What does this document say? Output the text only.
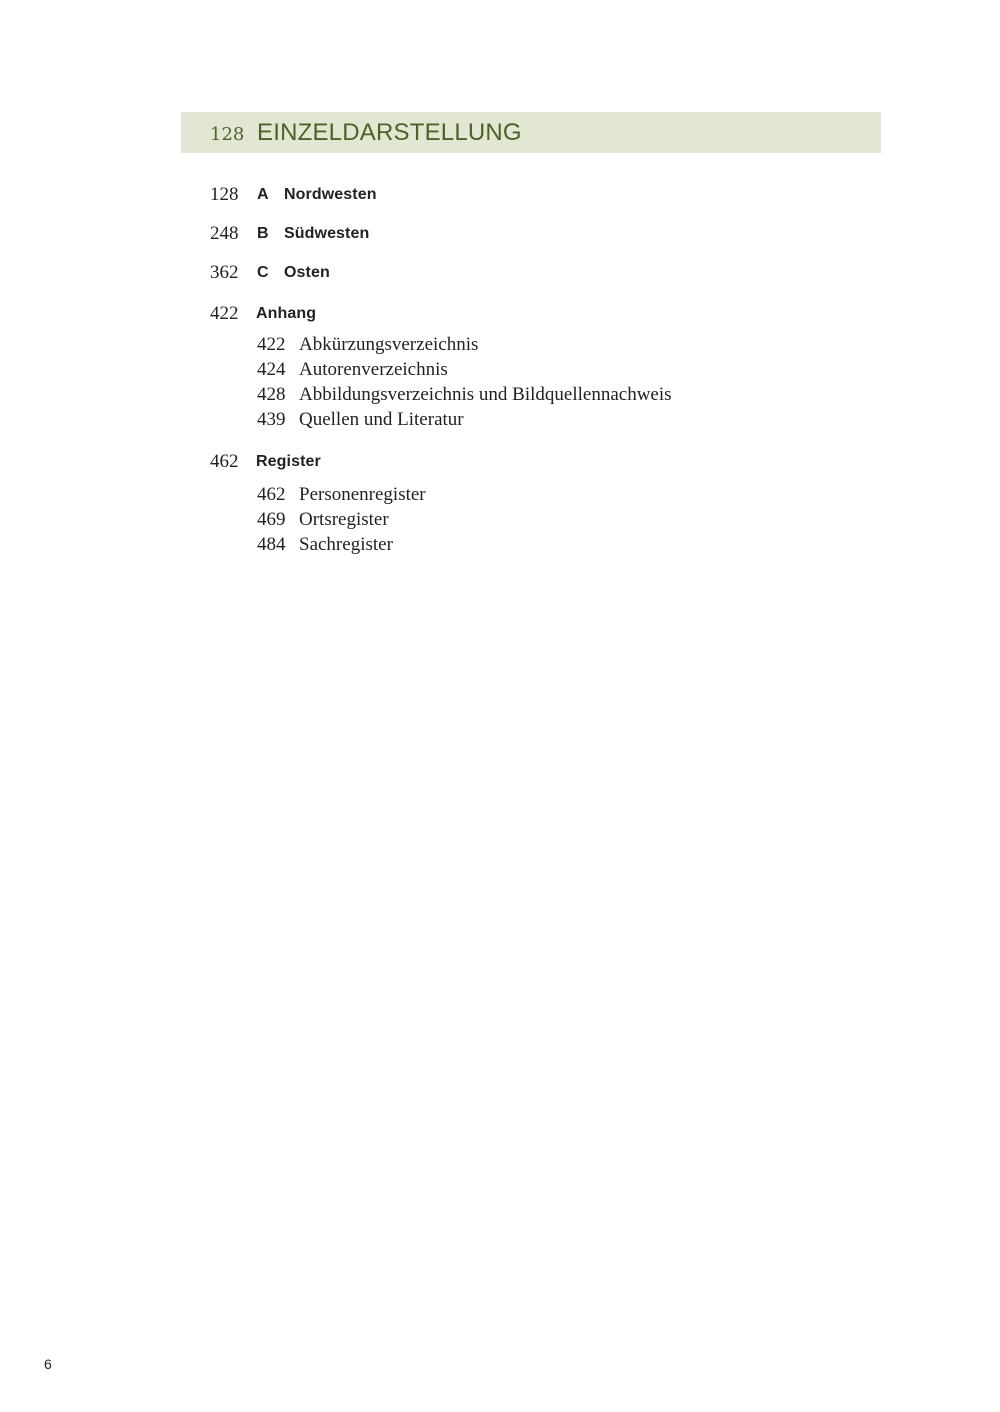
128 EINZELDARSTELLUNG
128 A Nordwesten
248 B Südwesten
362 C Osten
422 Anhang
422 Abkürzungsverzeichnis
424 Autorenverzeichnis
428 Abbildungsverzeichnis und Bildquellennachweis
439 Quellen und Literatur
462 Register
462 Personenregister
469 Ortsregister
484 Sachregister
6
